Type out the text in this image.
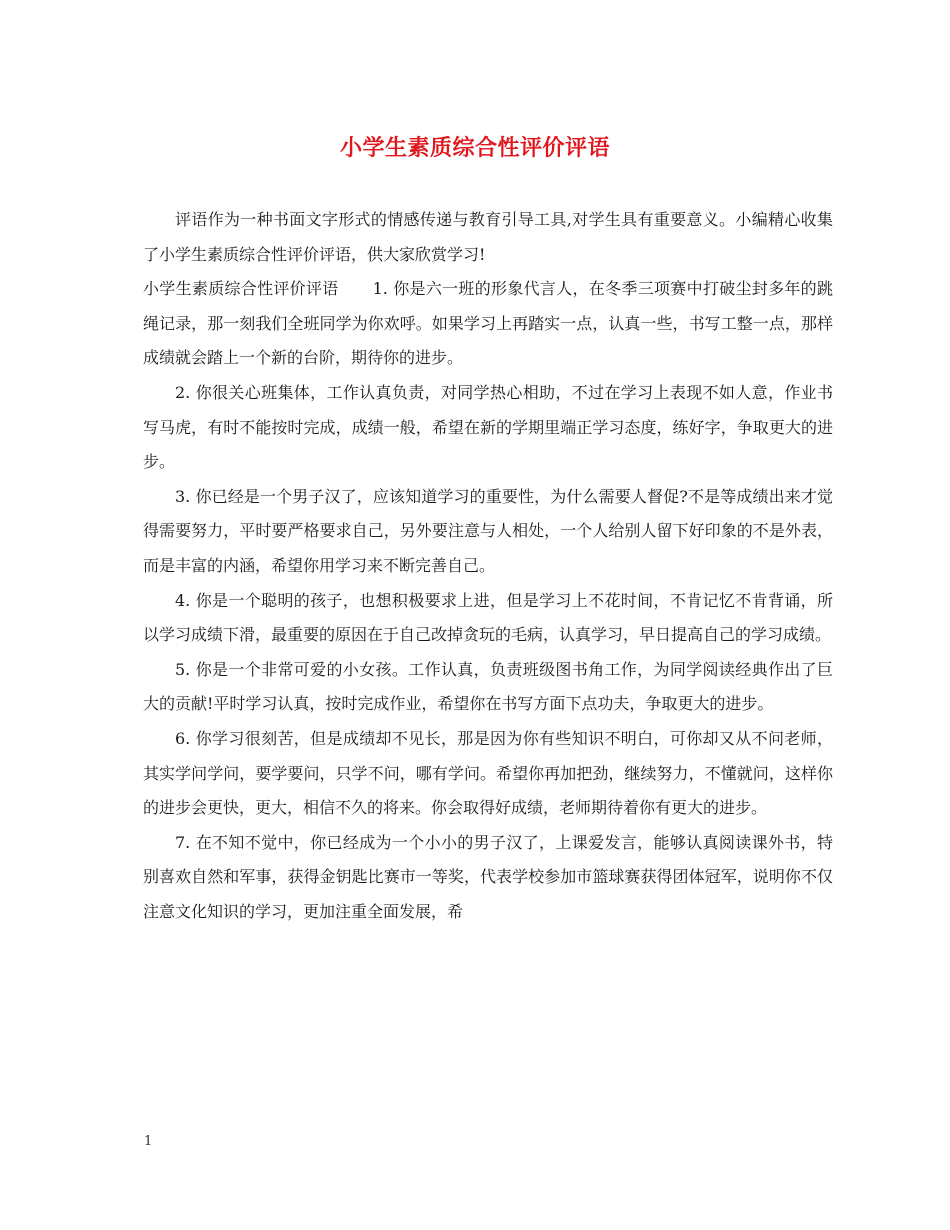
小学生素质综合性评价评语

评语作为一种书面文字形式的情感传递与教育引导工具,对学生具有重要意义。小编精心收集了小学生素质综合性评价评语，供大家欣赏学习!

小学生素质综合性评价评语 1. 你是六一班的形象代言人，在冬季三项赛中打破尘封多年的跳绳记录，那一刻我们全班同学为你欢呼。如果学习上再踏实一点，认真一些，书写工整一点，那样成绩就会踏上一个新的台阶，期待你的进步。

2. 你很关心班集体，工作认真负责，对同学热心相助，不过在学习上表现不如人意，作业书写马虎，有时不能按时完成，成绩一般，希望在新的学期里端正学习态度，练好字，争取更大的进步。

3. 你已经是一个男子汉了，应该知道学习的重要性，为什么需要人督促?不是等成绩出来才觉得需要努力，平时要严格要求自己，另外要注意与人相处，一个人给别人留下好印象的不是外表，而是丰富的内涵，希望你用学习来不断完善自己。

4. 你是一个聪明的孩子，也想积极要求上进，但是学习上不花时间，不肯记忆不肯背诵，所以学习成绩下滑，最重要的原因在于自己改掉贪玩的毛病，认真学习，早日提高自己的学习成绩。

5. 你是一个非常可爱的小女孩。工作认真，负责班级图书角工作，为同学阅读经典作出了巨大的贡献!平时学习认真，按时完成作业，希望你在书写方面下点功夫，争取更大的进步。

6. 你学习很刻苦，但是成绩却不见长，那是因为你有些知识不明白，可你却又从不问老师，其实学问学问，要学要问，只学不问，哪有学问。希望你再加把劲，继续努力，不懂就问，这样你的进步会更快，更大，相信不久的将来。你会取得好成绩，老师期待着你有更大的进步。

7. 在不知不觉中，你已经成为一个小小的男子汉了，上课爱发言，能够认真阅读课外书，特别喜欢自然和军事，获得金钥匙比赛市一等奖，代表学校参加市篮球赛获得团体冠军，说明你不仅注意文化知识的学习，更加注重全面发展，希

1
